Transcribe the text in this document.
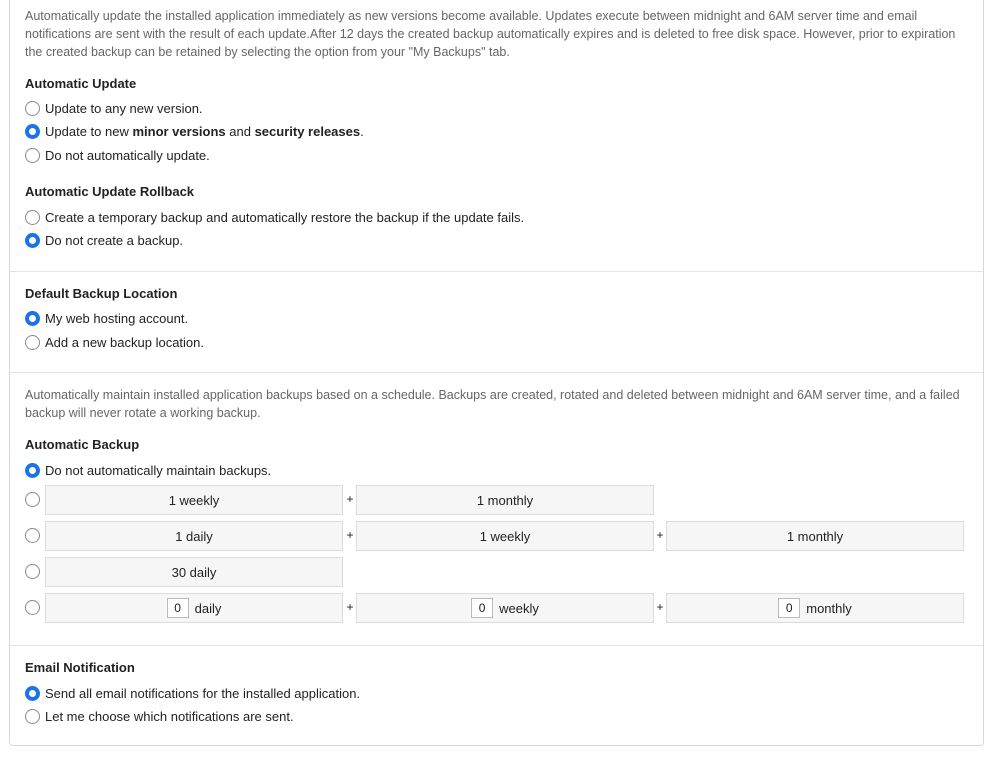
Automatically update the installed application immediately as new versions become available. Updates execute between midnight and 6AM server time and email notifications are sent with the result of each update.After 12 days the created backup automatically expires and is deleted to free disk space. However, prior to expiration the created backup can be retained by selecting the option from your "My Backups" tab.
Automatic Update
Update to any new version.
Update to new minor versions and security releases.
Do not automatically update.
Automatic Update Rollback
Create a temporary backup and automatically restore the backup if the update fails.
Do not create a backup.
Default Backup Location
My web hosting account.
Add a new backup location.
Automatically maintain installed application backups based on a schedule. Backups are created, rotated and deleted between midnight and 6AM server time, and a failed backup will never rotate a working backup.
Automatic Backup
Do not automatically maintain backups.
1 weekly	+	1 monthly
1 daily	+	1 weekly	+	1 monthly
30 daily
0	daily	+	0	weekly	+	0	monthly
Email Notification
Send all email notifications for the installed application.
Let me choose which notifications are sent.
